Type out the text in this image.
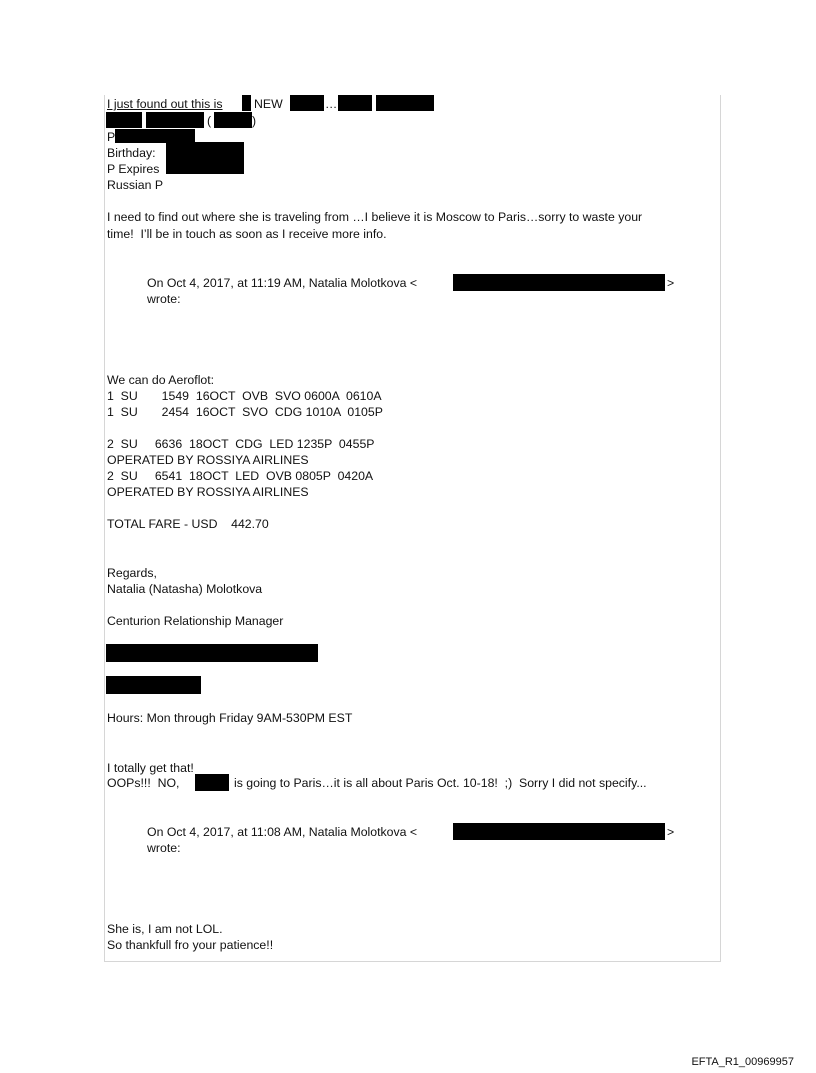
I just found out this is	NEW	…
(	)
P
Birthday:
P Expires
Russian P
I need to find out where she is traveling from …I believe it is Moscow to Paris…sorry to waste your
time!  I’ll be in touch as soon as I receive more info.
On Oct 4, 2017, at 11:19 AM, Natalia Molotkova <	>
wrote:
We can do Aeroflot:
1  SU       1549  16OCT  OVB  SVO 0600A  0610A
1  SU       2454  16OCT  SVO  CDG 1010A  0105P
2  SU     6636  18OCT  CDG  LED 1235P  0455P
OPERATED BY ROSSIYA AIRLINES
2  SU     6541  18OCT  LED  OVB 0805P  0420A
OPERATED BY ROSSIYA AIRLINES
TOTAL FARE - USD    442.70
Regards,
Natalia (Natasha) Molotkova
Centurion Relationship Manager
Hours: Mon through Friday 9AM-530PM EST
I totally get that!
OOPs!!!  NO,	is going to Paris…it is all about Paris Oct. 10-18!  ;)  Sorry I did not specify...
On Oct 4, 2017, at 11:08 AM, Natalia Molotkova <	>
wrote:
She is, I am not LOL.
So thankfull fro your patience!!
EFTA_R1_00969957
